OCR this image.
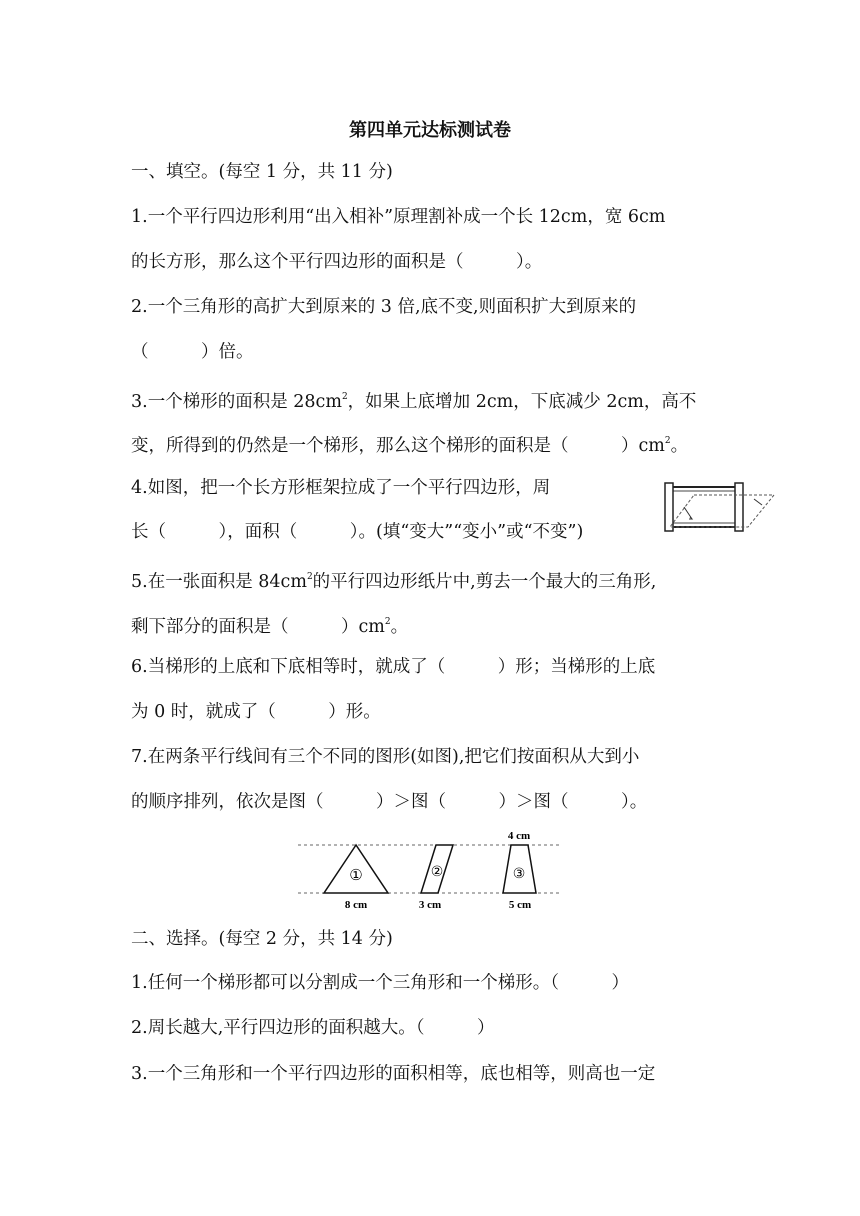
第四单元达标测试卷
一、填空。(每空 1 分，共 11 分)
1.一个平行四边形利用“出入相补”原理割补成一个长 12cm，宽 6cm
的长方形，那么这个平行四边形的面积是（　　　）。
2.一个三角形的高扩大到原来的 3 倍,底不变,则面积扩大到原来的
（　　　）倍。
3.一个梯形的面积是 $28cm^2$，如果上底增加 2cm，下底减少 2cm，高不
变，所得到的仍然是一个梯形，那么这个梯形的面积是（　　　）$cm^2$。
4.如图，把一个长方形框架拉成了一个平行四边形，周
长（　　　），面积（　　　）。(填“变大”“变小”或“不变”)
5.在一张面积是 $84cm^2$的平行四边形纸片中,剪去一个最大的三角形,
剩下部分的面积是（　　　）$cm^2$。
6.当梯形的上底和下底相等时，就成了（　　　）形；当梯形的上底
为 0 时，就成了（　　　）形。
7.在两条平行线间有三个不同的图形(如图),把它们按面积从大到小
的顺序排列，依次是图（　　　）＞图（　　　）＞图（　　　）。
①	②	③
8 cm	3 cm	5 cm
4 cm
二、选择。(每空 2 分，共 14 分)
1.任何一个梯形都可以分割成一个三角形和一个梯形。（　　　）
2.周长越大,平行四边形的面积越大。（　　　）
3.一个三角形和一个平行四边形的面积相等，底也相等，则高也一定
